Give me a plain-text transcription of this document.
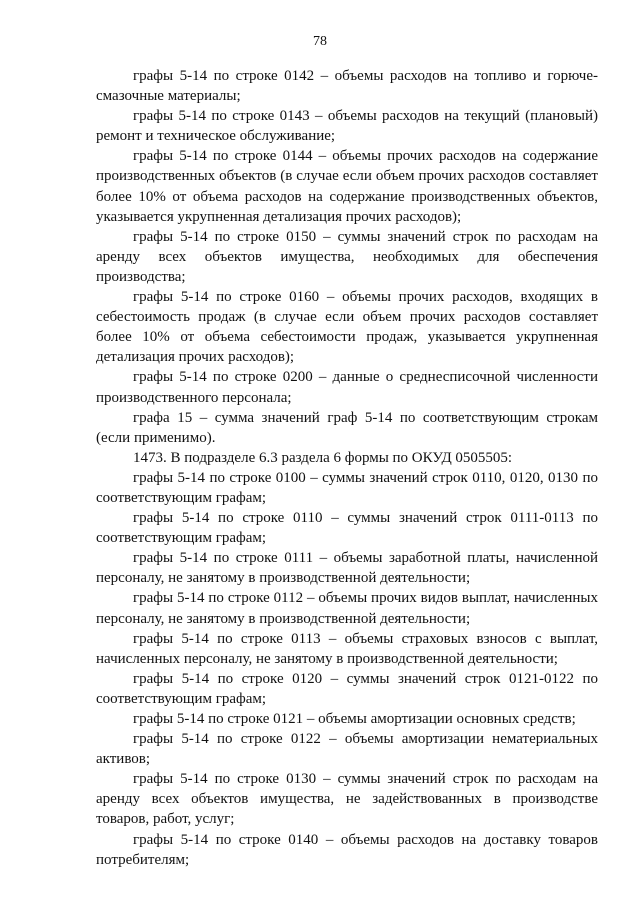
78

графы 5-14 по строке 0142 – объемы расходов на топливо и горюче-смазочные материалы;

графы 5-14 по строке 0143 – объемы расходов на текущий (плановый) ремонт и техническое обслуживание;

графы 5-14 по строке 0144 – объемы прочих расходов на содержание производственных объектов (в случае если объем прочих расходов составляет более 10% от объема расходов на содержание производственных объектов, указывается укрупненная детализация прочих расходов);

графы 5-14 по строке 0150 – суммы значений строк по расходам на аренду всех объектов имущества, необходимых для обеспечения производства;

графы 5-14 по строке 0160 – объемы прочих расходов, входящих в себестоимость продаж (в случае если объем прочих расходов составляет более 10% от объема себестоимости продаж, указывается укрупненная детализация прочих расходов);

графы 5-14 по строке 0200 – данные о среднесписочной численности производственного персонала;

графа 15 – сумма значений граф 5-14 по соответствующим строкам (если применимо).

1473. В подразделе 6.3 раздела 6 формы по ОКУД 0505505:

графы 5-14 по строке 0100 – суммы значений строк 0110, 0120, 0130 по соответствующим графам;

графы 5-14 по строке 0110 – суммы значений строк 0111-0113 по соответствующим графам;

графы 5-14 по строке 0111 – объемы заработной платы, начисленной персоналу, не занятому в производственной деятельности;

графы 5-14 по строке 0112 – объемы прочих видов выплат, начисленных персоналу, не занятому в производственной деятельности;

графы 5-14 по строке 0113 – объемы страховых взносов с выплат, начисленных персоналу, не занятому в производственной деятельности;

графы 5-14 по строке 0120 – суммы значений строк 0121-0122 по соответствующим графам;

графы 5-14 по строке 0121 – объемы амортизации основных средств;

графы 5-14 по строке 0122 – объемы амортизации нематериальных активов;

графы 5-14 по строке 0130 – суммы значений строк по расходам на аренду всех объектов имущества, не задействованных в производстве товаров, работ, услуг;

графы 5-14 по строке 0140 – объемы расходов на доставку товаров потребителям;
